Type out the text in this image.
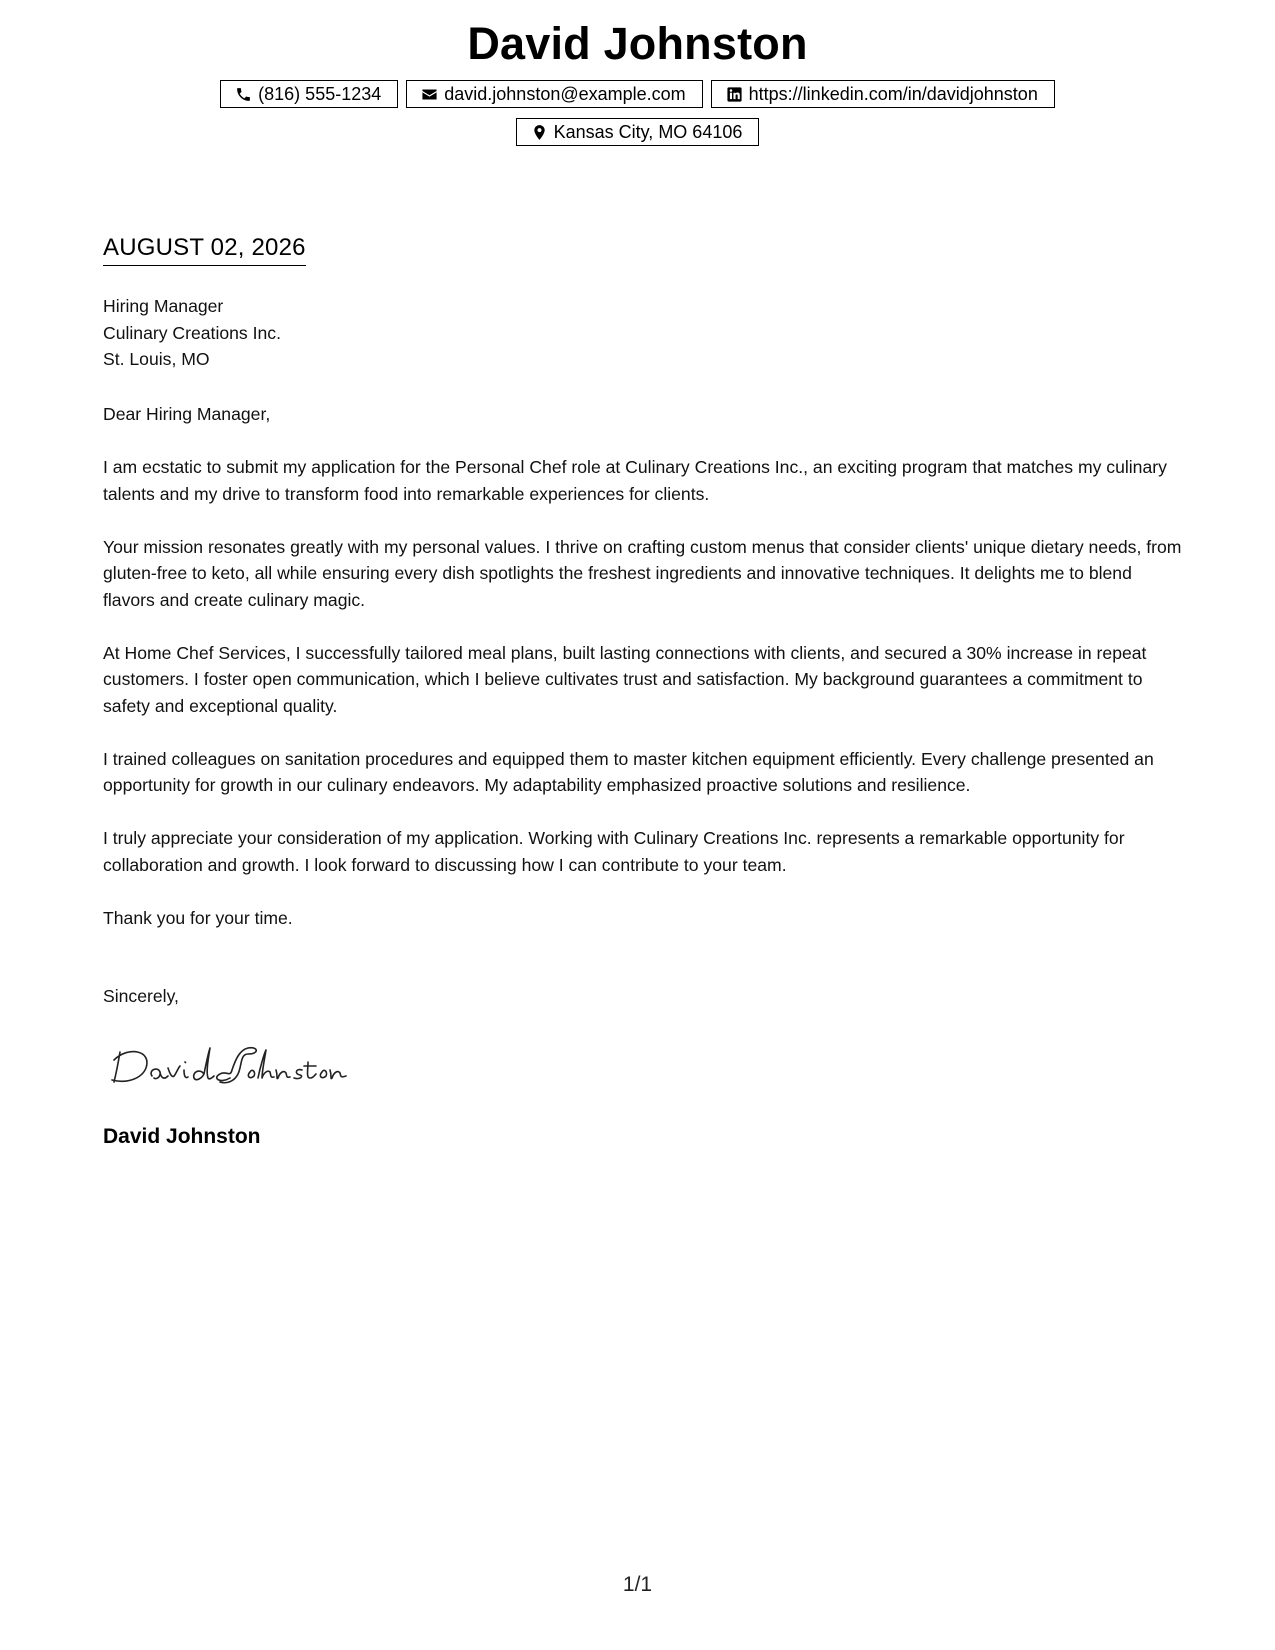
David Johnston
(816) 555-1234	david.johnston@example.com	https://linkedin.com/in/davidjohnston
Kansas City, MO 64106
AUGUST 02, 2026
Hiring Manager
Culinary Creations Inc.
St. Louis, MO
Dear Hiring Manager,

I am ecstatic to submit my application for the Personal Chef role at Culinary Creations Inc., an exciting program that matches my culinary talents and my drive to transform food into remarkable experiences for clients.

Your mission resonates greatly with my personal values. I thrive on crafting custom menus that consider clients' unique dietary needs, from gluten-free to keto, all while ensuring every dish spotlights the freshest ingredients and innovative techniques. It delights me to blend flavors and create culinary magic.

At Home Chef Services, I successfully tailored meal plans, built lasting connections with clients, and secured a 30% increase in repeat customers. I foster open communication, which I believe cultivates trust and satisfaction. My background guarantees a commitment to safety and exceptional quality.

I trained colleagues on sanitation procedures and equipped them to master kitchen equipment efficiently. Every challenge presented an opportunity for growth in our culinary endeavors. My adaptability emphasized proactive solutions and resilience.

I truly appreciate your consideration of my application. Working with Culinary Creations Inc. represents a remarkable opportunity for collaboration and growth. I look forward to discussing how I can contribute to your team.

Thank you for your time.

Sincerely,
David Johnston
1/1
